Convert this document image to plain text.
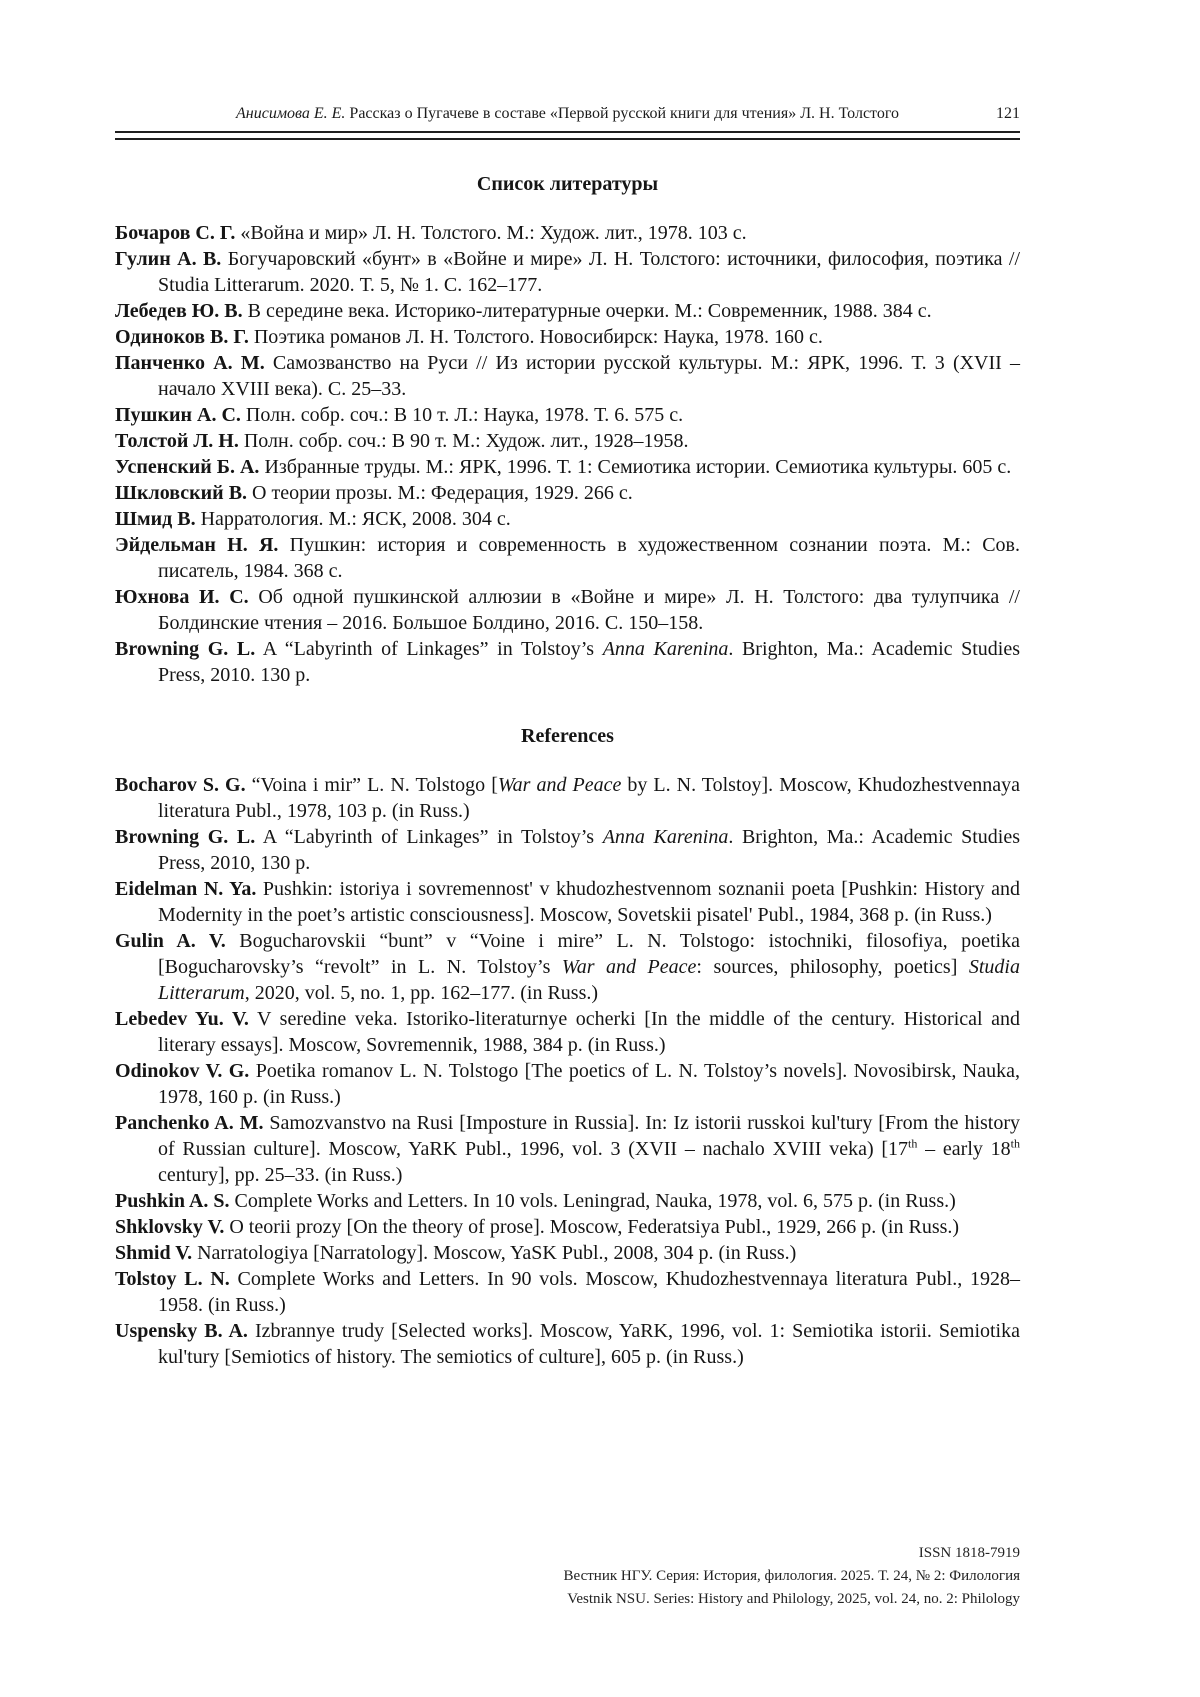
Анисимова Е. Е. Рассказ о Пугачеве в составе «Первой русской книги для чтения» Л. Н. Толстого	121
Список литературы

Бочаров С. Г. «Война и мир» Л. Н. Толстого. М.: Худож. лит., 1978. 103 с.

Гулин А. В. Богучаровский «бунт» в «Войне и мире» Л. Н. Толстого: источники, философия, поэтика // Studia Litterarum. 2020. Т. 5, № 1. С. 162–177.

Лебедев Ю. В. В середине века. Историко-литературные очерки. М.: Современник, 1988. 384 с.

Одиноков В. Г. Поэтика романов Л. Н. Толстого. Новосибирск: Наука, 1978. 160 с.

Панченко А. М. Самозванство на Руси // Из истории русской культуры. М.: ЯРК, 1996. Т. 3 (XVII – начало XVIII века). С. 25–33.

Пушкин А. С. Полн. собр. соч.: В 10 т. Л.: Наука, 1978. Т. 6. 575 с.

Толстой Л. Н. Полн. собр. соч.: В 90 т. М.: Худож. лит., 1928–1958.

Успенский Б. А. Избранные труды. М.: ЯРК, 1996. Т. 1: Семиотика истории. Семиотика культуры. 605 с.

Шкловский В. О теории прозы. М.: Федерация, 1929. 266 с.

Шмид В. Нарратология. М.: ЯСК, 2008. 304 с.

Эйдельман Н. Я. Пушкин: история и современность в художественном сознании поэта. М.: Сов. писатель, 1984. 368 с.

Юхнова И. С. Об одной пушкинской аллюзии в «Войне и мире» Л. Н. Толстого: два тулупчика // Болдинские чтения – 2016. Большое Болдино, 2016. С. 150–158.

Browning G. L. A “Labyrinth of Linkages” in Tolstoy’s Anna Karenina. Brighton, Ma.: Academic Studies Press, 2010. 130 p.

References

Bocharov S. G. “Voina i mir” L. N. Tolstogo [War and Peace by L. N. Tolstoy]. Moscow, Khudozhestvennaya literatura Publ., 1978, 103 p. (in Russ.)

Browning G. L. A “Labyrinth of Linkages” in Tolstoy’s Anna Karenina. Brighton, Ma.: Academic Studies Press, 2010, 130 p.

Eidelman N. Ya. Pushkin: istoriya i sovremennost' v khudozhestvennom soznanii poeta [Pushkin: History and Modernity in the poet’s artistic consciousness]. Moscow, Sovetskii pisatel' Publ., 1984, 368 p. (in Russ.)

Gulin A. V. Bogucharovskii “bunt” v “Voine i mire” L. N. Tolstogo: istochniki, filosofiya, poetika [Bogucharovsky’s “revolt” in L. N. Tolstoy’s War and Peace: sources, philosophy, poetics] Studia Litterarum, 2020, vol. 5, no. 1, pp. 162–177. (in Russ.)

Lebedev Yu. V. V seredine veka. Istoriko-literaturnye ocherki [In the middle of the century. Historical and literary essays]. Moscow, Sovremennik, 1988, 384 p. (in Russ.)

Odinokov V. G. Poetika romanov L. N. Tolstogo [The poetics of L. N. Tolstoy’s novels]. Novosibirsk, Nauka, 1978, 160 p. (in Russ.)

Panchenko A. M. Samozvanstvo na Rusi [Imposture in Russia]. In: Iz istorii russkoi kul'tury [From the history of Russian culture]. Moscow, YaRK Publ., 1996, vol. 3 (XVII – nachalo XVIII veka) [17th – early 18th century], pp. 25–33. (in Russ.)

Pushkin A. S. Complete Works and Letters. In 10 vols. Leningrad, Nauka, 1978, vol. 6, 575 p. (in Russ.)

Shklovsky V. O teorii prozy [On the theory of prose]. Moscow, Federatsiya Publ., 1929, 266 p. (in Russ.)

Shmid V. Narratologiya [Narratology]. Moscow, YaSK Publ., 2008, 304 p. (in Russ.)

Tolstoy L. N. Complete Works and Letters. In 90 vols. Moscow, Khudozhestvennaya literatura Publ., 1928–1958. (in Russ.)

Uspensky B. A. Izbrannye trudy [Selected works]. Moscow, YaRK, 1996, vol. 1: Semiotika istorii. Semiotika kul'tury [Semiotics of history. The semiotics of culture], 605 p. (in Russ.)

ISSN 1818-7919
Вестник НГУ. Серия: История, филология. 2025. Т. 24, № 2: Филология
Vestnik NSU. Series: History and Philology, 2025, vol. 24, no. 2: Philology
